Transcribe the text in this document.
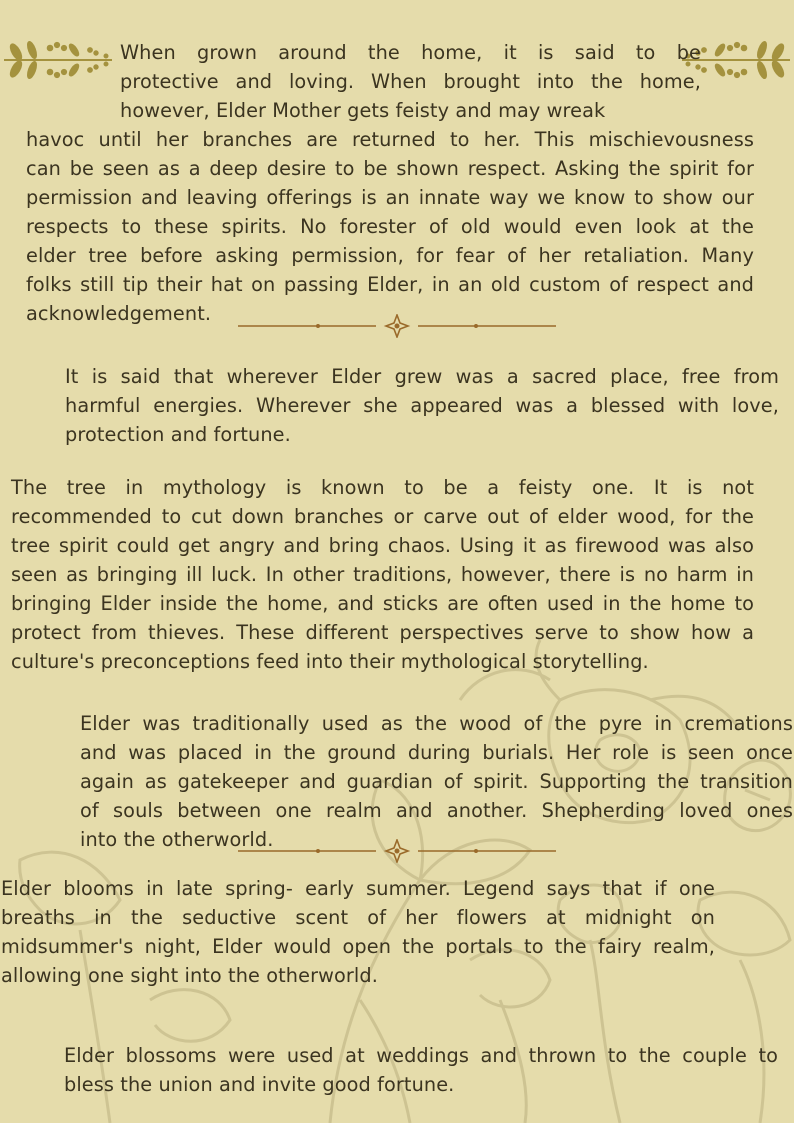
When grown around the home, it is said to be
protective and loving. When brought into the home,
however, Elder Mother gets feisty and may wreak
havoc until her branches are returned to her. This mischievousness
can be seen as a deep desire to be shown respect. Asking the spirit for
permission and leaving offerings is an innate way we know to show our
respects to these spirits. No forester of old would even look at the
elder tree before asking permission, for fear of her retaliation. Many
folks still tip their hat on passing Elder, in an old custom of respect and
acknowledgement.
It is said that wherever Elder grew was a sacred place, free from
harmful energies. Wherever she appeared was a blessed with love,
protection and fortune.
The tree in mythology is known to be a feisty one. It is not
recommended to cut down branches or carve out of elder wood, for the
tree spirit could get angry and bring chaos. Using it as firewood was also
seen as bringing ill luck. In other traditions, however, there is no harm in
bringing Elder inside the home, and sticks are often used in the home to
protect from thieves. These different perspectives serve to show how a
culture's preconceptions feed into their mythological storytelling.
Elder was traditionally used as the wood of the pyre in cremations
and was placed in the ground during burials. Her role is seen once
again as gatekeeper and guardian of spirit. Supporting the transition
of souls between one realm and another. Shepherding loved ones
into the otherworld.
Elder blooms in late spring- early summer. Legend says that if one
breaths in the seductive scent of her flowers at midnight on
midsummer's night, Elder would open the portals to the fairy realm,
allowing one sight into the otherworld.
Elder blossoms were used at weddings and thrown to the couple to
bless the union and invite good fortune.
